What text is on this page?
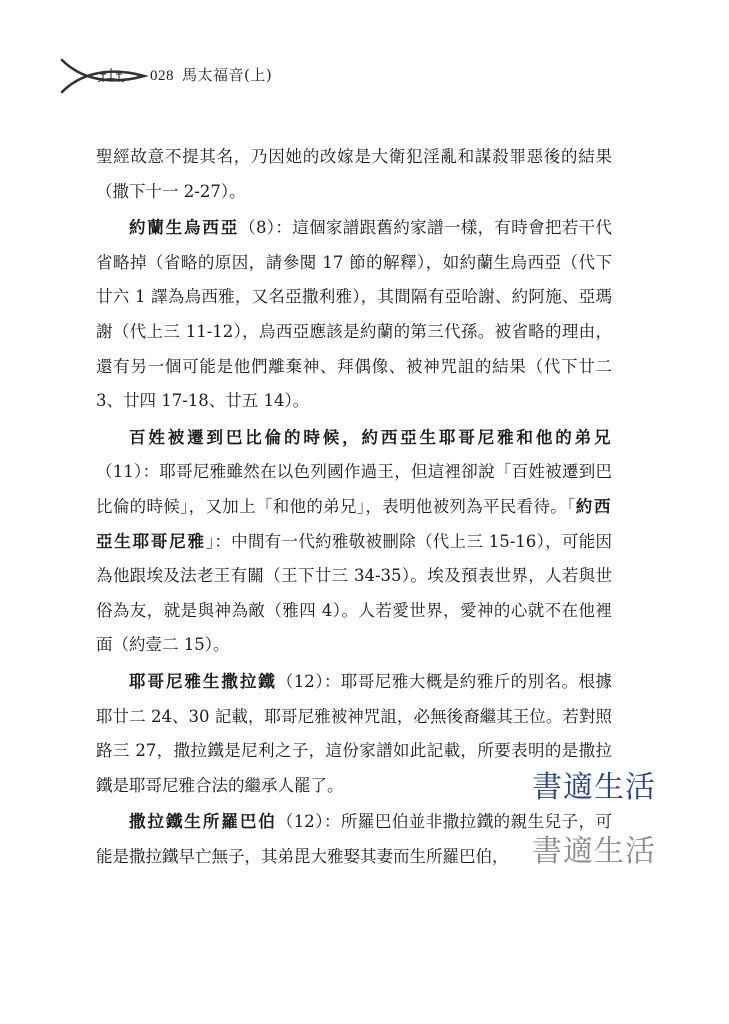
028 馬太福音(上)

聖經故意不提其名，乃因她的改嫁是大衛犯淫亂和謀殺罪惡後的結果（撒下十一 2-27）。

約蘭生烏西亞（8）：這個家譜跟舊約家譜一樣，有時會把若干代省略掉（省略的原因，請參閱 17 節的解釋），如約蘭生烏西亞（代下廿六 1 譯為烏西雅，又名亞撒利雅），其間隔有亞哈謝、約阿施、亞瑪謝（代上三 11-12），烏西亞應該是約蘭的第三代孫。被省略的理由，還有另一個可能是他們離棄神、拜偶像、被神咒詛的結果（代下廿二 3、廿四 17-18、廿五 14）。

百姓被遷到巴比倫的時候，約西亞生耶哥尼雅和他的弟兄（11）：耶哥尼雅雖然在以色列國作過王，但這裡卻說「百姓被遷到巴比倫的時候」，又加上「和他的弟兄」，表明他被列為平民看待。「約西亞生耶哥尼雅」：中間有一代約雅敬被刪除（代上三 15-16），可能因為他跟埃及法老王有關（王下廿三 34-35）。埃及預表世界，人若與世俗為友，就是與神為敵（雅四 4）。人若愛世界，愛神的心就不在他裡面（約壹二 15）。

耶哥尼雅生撒拉鐵（12）：耶哥尼雅大概是約雅斤的別名。根據耶廿二 24、30 記載，耶哥尼雅被神咒詛，必無後裔繼其王位。若對照路三 27，撒拉鐵是尼利之子，這份家譜如此記載，所要表明的是撒拉鐵是耶哥尼雅合法的繼承人罷了。

撒拉鐵生所羅巴伯（12）：所羅巴伯並非撒拉鐵的親生兒子，可能是撒拉鐵早亡無子，其弟毘大雅娶其妻而生所羅巴伯，

書適生活
書適生活
